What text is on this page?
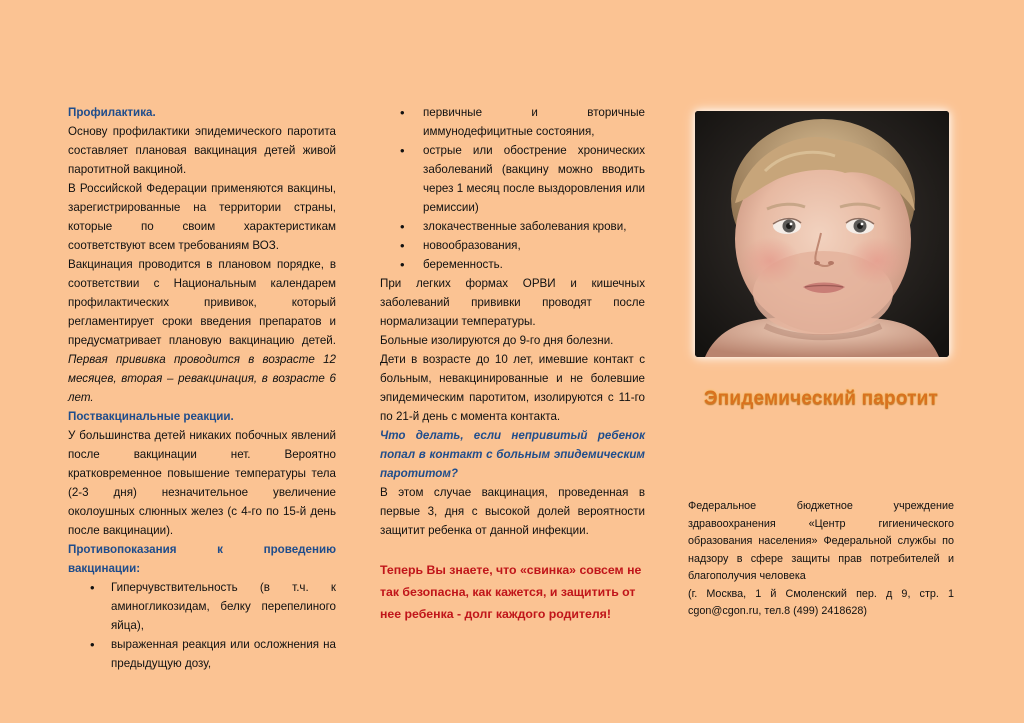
Профилактика.
Основу профилактики эпидемического паротита составляет плановая вакцинация детей живой паротитной вакциной.
В Российской Федерации применяются вакцины, зарегистрированные на территории страны, которые по своим характеристикам соответствуют всем требованиям ВОЗ.
Вакцинация проводится в плановом порядке, в соответствии с Национальным календарем профилактических прививок, который регламентирует сроки введения препаратов и предусматривает плановую вакцинацию детей. Первая прививка проводится в возрасте 12 месяцев, вторая – ревакцинация, в возрасте 6 лет.
Поствакцинальные реакции.
У большинства детей никаких побочных явлений после вакцинации нет. Вероятно кратковременное повышение температуры тела (2-3 дня) незначительное увеличение околоушных слюнных желез (с 4-го по 15-й день после вакцинации).
Противопоказания к проведению вакцинации:
• Гиперчувствительность (в т.ч. к аминогликозидам, белку перепелиного яйца),
• выраженная реакция или осложнения на предыдущую дозу,
• первичные и вторичные иммунодефицитные состояния,
• острые или обострение хронических заболеваний (вакцину можно вводить через 1 месяц после выздоровления или ремиссии)
• злокачественные заболевания крови,
• новообразования,
• беременность.
При легких формах ОРВИ и кишечных заболеваний прививки проводят после нормализации температуры.
Больные изолируются до 9-го дня болезни.
Дети в возрасте до 10 лет, имевшие контакт с больным, невакцинированные и не болевшие эпидемическим паротитом, изолируются с 11-го по 21-й день с момента контакта.
Что делать, если непривитый ребенок попал в контакт с больным эпидемическим паротитом?
В этом случае вакцинация, проведенная в первые 3, дня с высокой долей вероятности защитит ребенка от данной инфекции.
Теперь Вы знаете, что «свинка» совсем не так безопасна, как кажется, и защитить от нее ребенка - долг каждого родителя!
Эпидемический паротит
Федеральное бюджетное учреждение здравоохранения «Центр гигиенического образования населения» Федеральной службы по надзору в сфере защиты прав потребителей и благополучия человека
(г. Москва, 1 й Смоленский пер. д 9, стр. 1 cgon@cgon.ru, тел.8 (499) 2418628)
